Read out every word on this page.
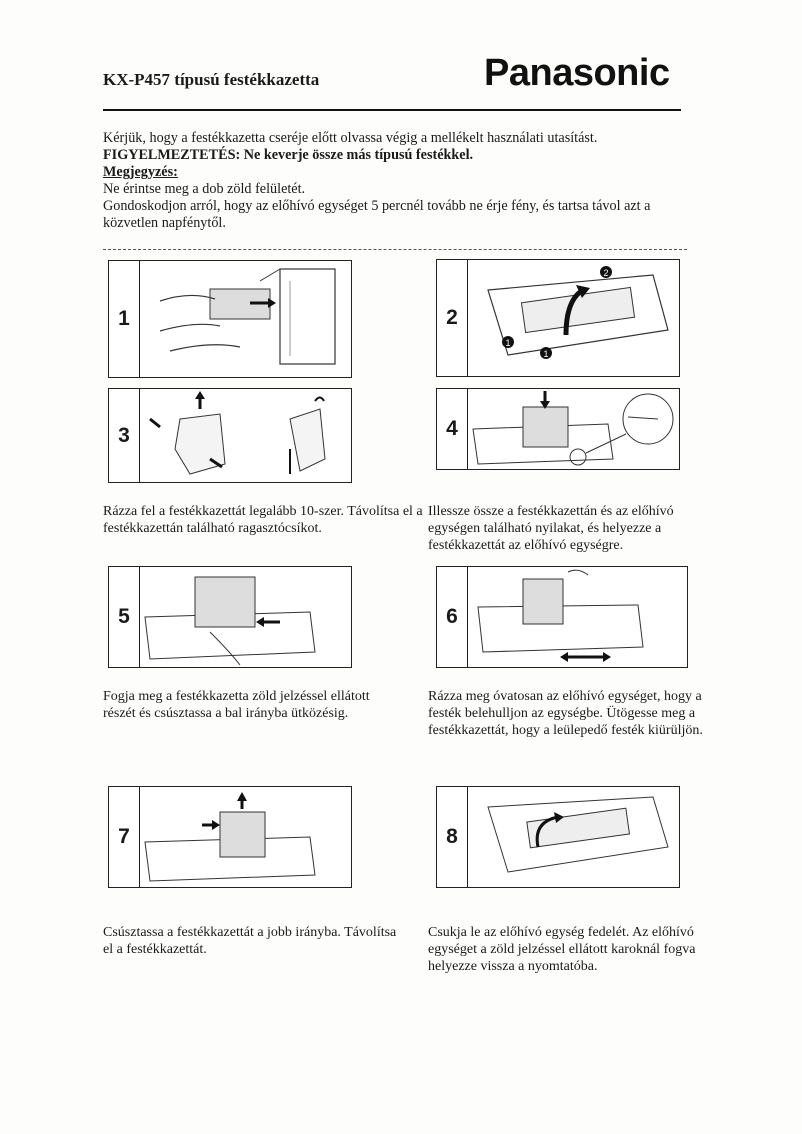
KX-P457 típusú festékkazetta	Panasonic
Kérjük, hogy a festékkazetta cseréje előtt olvassa végig a mellékelt használati utasítást.
FIGYELMEZTETÉS: Ne keverje össze más típusú festékkel.
Megjegyzés:
Ne érintse meg a dob zöld felületét.
Gondoskodjon arról, hogy az előhívó egységet 5 percnél tovább ne érje fény, és tartsa távol azt a közvetlen napfénytől.
1	2
2
1
1
3	4
Rázza fel a festékkazettát legalább 10-szer. Távolítsa el a festékkazettán található ragasztócsíkot.
Illessze össze a festékkazettán és az előhívó egységen található nyilakat, és helyezze a festékkazettát az előhívó egységre.
5	6
Fogja meg a festékkazetta zöld jelzéssel ellátott részét és csúsztassa a bal irányba ütközésig.
Rázza meg óvatosan az előhívó egységet, hogy a festék belehulljon az egységbe. Ütögesse meg a festékkazettát, hogy a leülepedő festék kiürüljön.
7	8
Csúsztassa a festékkazettát a jobb irányba. Távolítsa el a festékkazettát.
Csukja le az előhívó egység fedelét. Az előhívó egységet a zöld jelzéssel ellátott karoknál fogva helyezze vissza a nyomtatóba.
